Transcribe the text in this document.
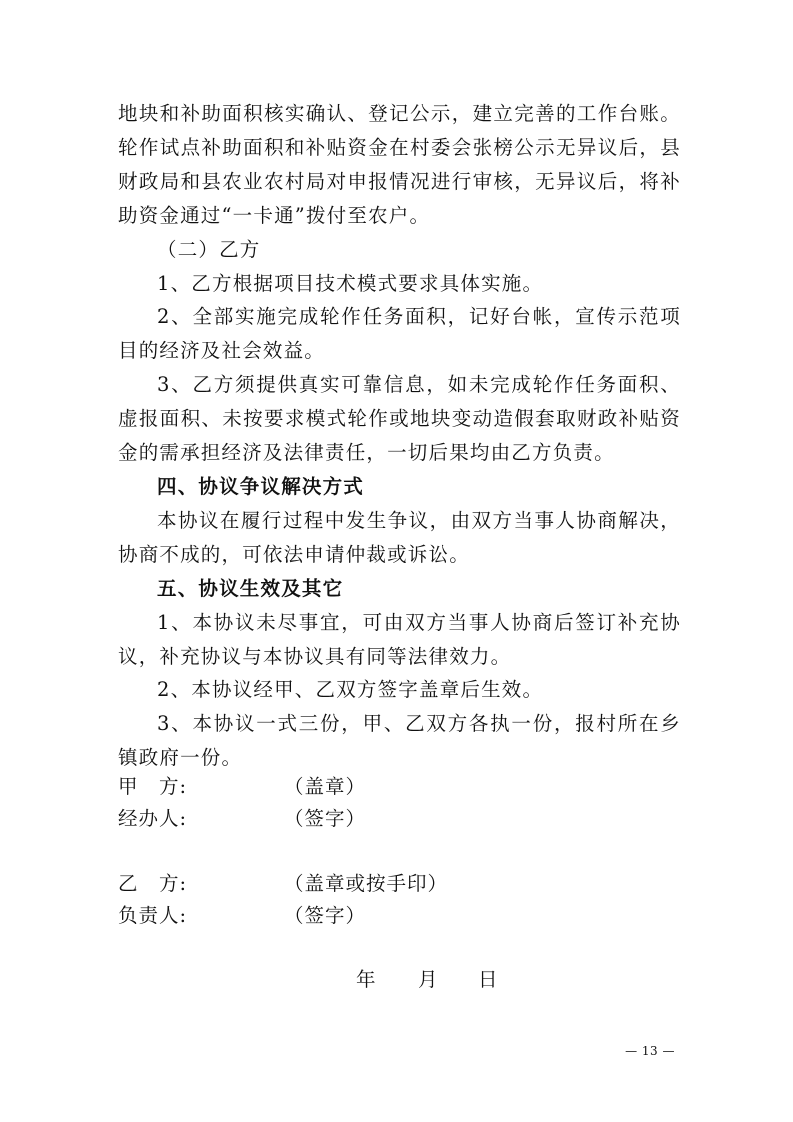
地块和补助面积核实确认、登记公示，建立完善的工作台账。轮作试点补助面积和补贴资金在村委会张榜公示无异议后，县财政局和县农业农村局对申报情况进行审核，无异议后，将补助资金通过“一卡通”拨付至农户。

（二）乙方

1、乙方根据项目技术模式要求具体实施。

2、全部实施完成轮作任务面积，记好台帐，宣传示范项目的经济及社会效益。

3、乙方须提供真实可靠信息，如未完成轮作任务面积、虚报面积、未按要求模式轮作或地块变动造假套取财政补贴资金的需承担经济及法律责任，一切后果均由乙方负责。

四、协议争议解决方式

本协议在履行过程中发生争议，由双方当事人协商解决，协商不成的，可依法申请仲裁或诉讼。

五、协议生效及其它

1、本协议未尽事宜，可由双方当事人协商后签订补充协议，补充协议与本协议具有同等法律效力。

2、本协议经甲、乙双方签字盖章后生效。

3、本协议一式三份，甲、乙双方各执一份，报村所在乡镇政府一份。

甲　方:	（盖章）
经办人:	（签字）
乙　方:	（盖章或按手印）
负责人:	（签字）
年 月 日
— 13 —
